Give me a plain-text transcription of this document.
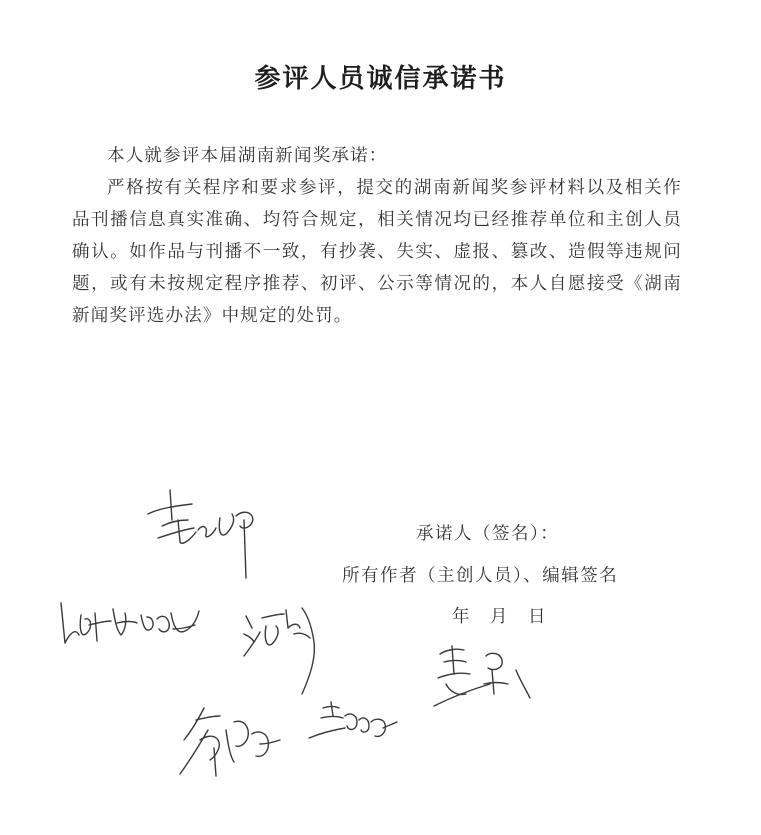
参评人员诚信承诺书

本人就参评本届湖南新闻奖承诺：

严格按有关程序和要求参评，提交的湖南新闻奖参评材料以及相关作品刊播信息真实准确、均符合规定，相关情况均已经推荐单位和主创人员确认。如作品与刊播不一致，有抄袭、失实、虚报、篡改、造假等违规问题，或有未按规定程序推荐、初评、公示等情况的，本人自愿接受《湖南新闻奖评选办法》中规定的处罚。

承诺人（签名）：
所有作者（主创人员）、编辑签名
年　月　日
